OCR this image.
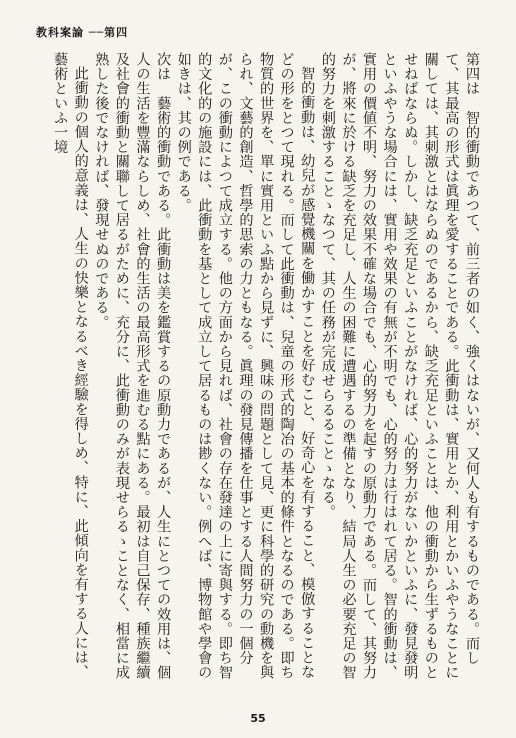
教科案論 ──第四

第四は　智的衝動であつて、前三者の如く、強くはないが、又何人も有するものである。而して、其最高の形式は眞理を愛することである。此衝動は、實用とか、利用とかいふやうなことに關しては、其刺激とはならぬのであるから、缺乏充足といふことは、他の衝動から生ずるものとせねばならぬ。しかし、缺乏充足といふことがなければ、心的努力がないかといふに、發見發明といふやうな場合には、實用や效果の有無が不明でも、心的努力は行はれて居る。智的衝動は、實用の價値不明、努力の效果不確な場合でも、心的努力を起すの原動力である。而して、其努力が、將來に於ける缺乏を充足し、人生の困難に遭遇するの準備となり、結局人生の必要充足の智的努力を刺激することゝなつて、其の任務が完成せらるることゝなる。

智的衝動は、幼兒が感覺機關を働かすことを好むこと、好奇心を有すること、模倣することなどの形をとつて現れる。而して此衝動は、兒童の形式的陶冶の基本的條件となるのである。即ち物質的世界を、單に實用といふ點から見ずに、興味の問題として見、更に科學的研究の動機を與られ、文藝的創造、哲學的思索の力ともなる。眞理の發見傳播を仕事とする人間努力の一個分が、この衝動によつて成立する。他の方面から見れば、社會の存在發達の上に寄與する。即ち智的文化的の施設には、此衝動を基として成立して居るものは尠くない。例へば、博物館や學會の如きは、其の例である。

次は　藝術的衝動である。此衝動は美を鑑賞するの原動力であるが、人生にとつての效用は、個人の生活を豐滿ならしめ、社會的生活の最高形式を進むる點にある。最初は自己保存、種族繼續及社會的衝動と關聯して居るがために、充分に、此衝動のみが表現せらるゝことなく、相當に成熟した後でなければ、發現せぬのである。

此衝動の個人的意義は、人生の快樂となるべき經驗を得しめ、特に、此傾向を有する人には、藝術といふ一境

55
